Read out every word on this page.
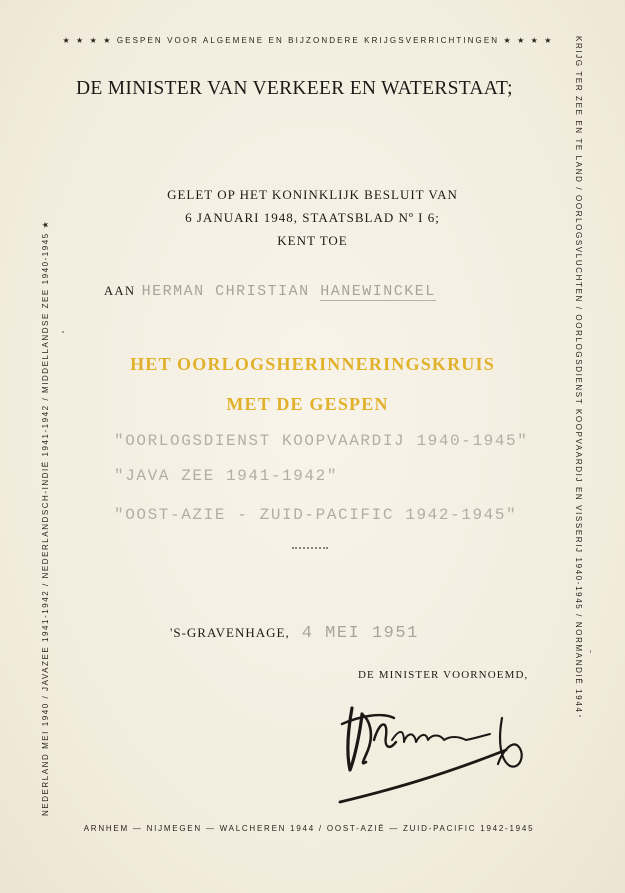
★ ★ ★ ★ GESPEN VOOR ALGEMENE EN BIJZONDERE KRIJGSVERRICHTINGEN ★ ★ ★ ★	KRIJG TER ZEE EN TE LAND / OORLOGSVLUCHTEN / OORLOGSDIENST KOOPVAARDIJ EN VISSERIJ 1940-1945 / NORMANDIË 1944
ARNHEM — NIJMEGEN — WALCHEREN 1944 / OOST-AZIË — ZUID-PACIFIC 1942-1945
NEDERLAND MEI 1940 / JAVAZEE 1941-1942 / NEDERLANDSCH-INDIË 1941-1942 / MIDDELLANDSE ZEE 1940-1945 ★
DE MINISTER VAN VERKEER EN WATERSTAAT;
GELET OP HET KONINKLIJK BESLUIT VAN
6 JANUARI 1948, STAATSBLAD Nº I 6;
KENT TOE
AAN HERMAN CHRISTIAN HANEWINCKEL
HET OORLOGSHERINNERINGSKRUIS
MET DE GESPEN
"OORLOGSDIENST KOOPVAARDIJ 1940-1945"
"JAVA ZEE 1941-1942"
"OOST-AZIE - ZUID-PACIFIC 1942-1945"
'S-GRAVENHAGE, 4 MEI 1951
DE MINISTER VOORNOEMD,
